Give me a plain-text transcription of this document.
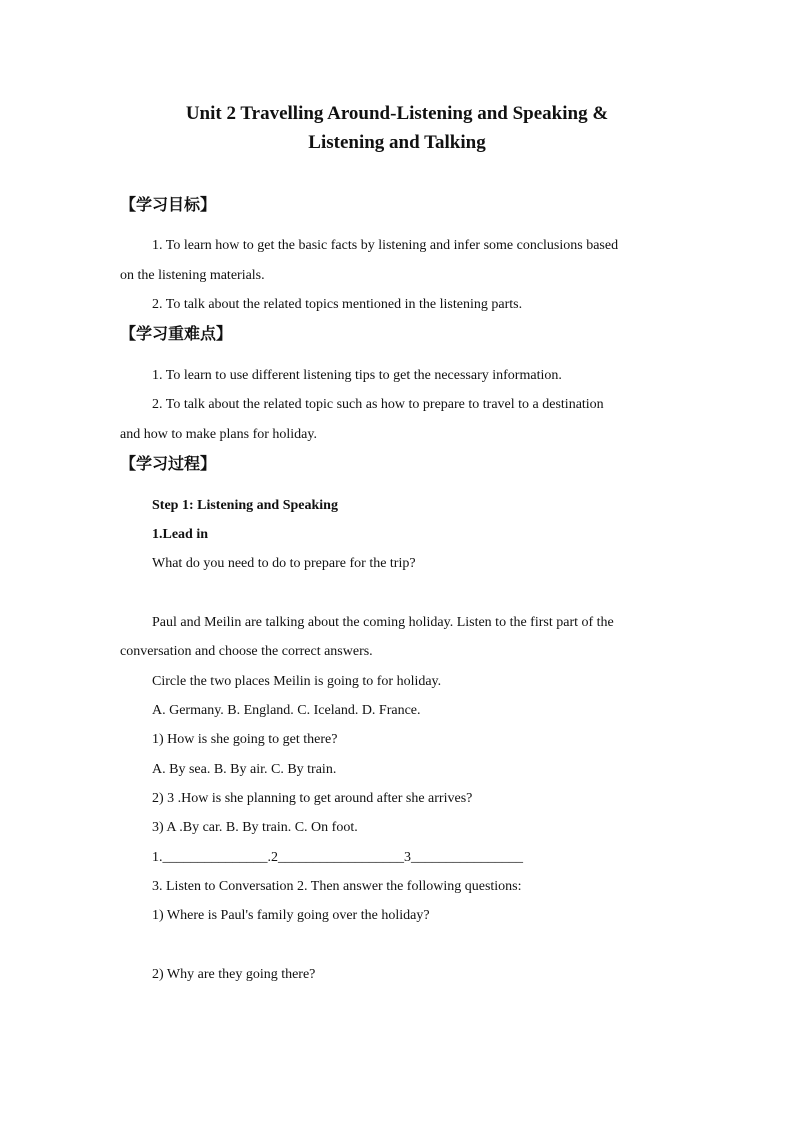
Unit 2 Travelling Around-Listening and Speaking &
Listening and Talking
【学习目标】
1. To learn how to get the basic facts by listening and infer some conclusions based
on the listening materials.
2. To talk about the related topics mentioned in the listening parts.
【学习重难点】
1. To learn to use different listening tips to get the necessary information.
2. To talk about the related topic such as how to prepare to travel to a destination
and how to make plans for holiday.
【学习过程】
Step 1: Listening and Speaking
1.Lead in
What do you need to do to prepare for the trip?
Paul and Meilin are talking about the coming holiday. Listen to the first part of the
conversation and choose the correct answers.
Circle the two places Meilin is going to for holiday.
A. Germany. B. England. C. Iceland. D. France.
1) How is she going to get there?
A. By sea. B. By air. C. By train.
2) 3 .How is she planning to get around after she arrives?
3) A .By car. B. By train. C. On foot.
1._______________.2__________________3________________
3. Listen to Conversation 2. Then answer the following questions:
1) Where is Paul's family going over the holiday?
2) Why are they going there?
